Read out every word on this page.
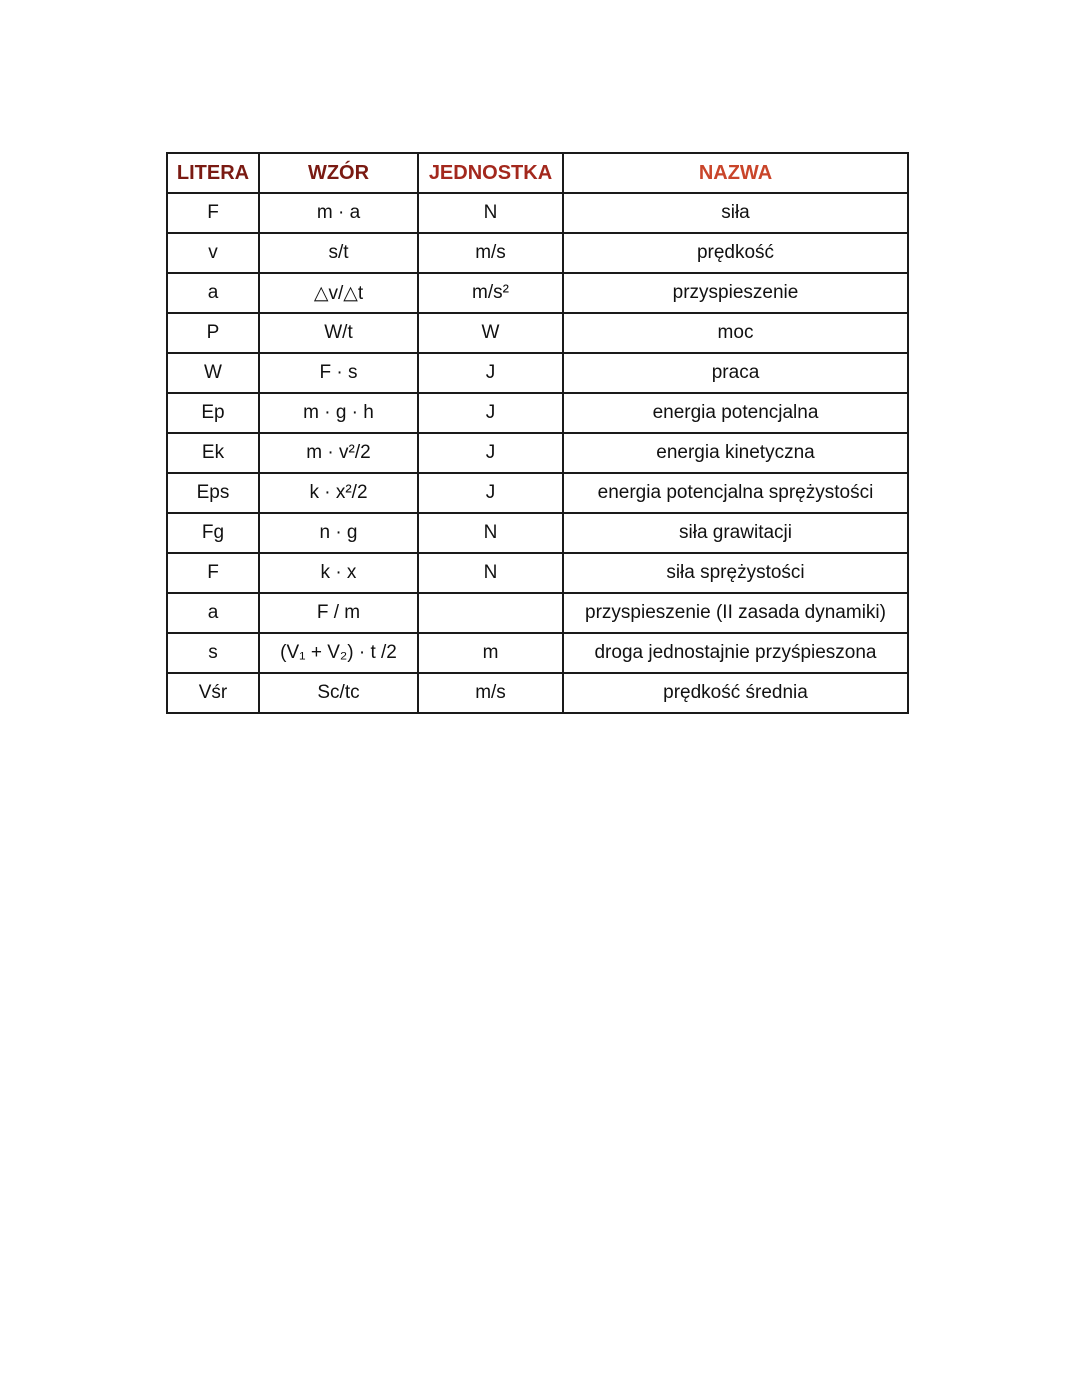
LITERA	WZÓR	JEDNOSTKA	NAZWA
F	m · a	N	siła
v	s/t	m/s	prędkość
a	△v/△t	m/s²	przyspieszenie
P	W/t	W	moc
W	F · s	J	praca
Ep	m · g · h	J	energia potencjalna
Ek	m · v²/2	J	energia kinetyczna
Eps	k · x²/2	J	energia potencjalna sprężystości
Fg	n · g	N	siła grawitacji
F	k · x	N	siła sprężystości
a	F / m		przyspieszenie (II zasada dynamiki)
s	(V₁ + V₂) · t /2	m	droga jednostajnie przyśpieszona
Vśr	Sc/tc	m/s	prędkość średnia
